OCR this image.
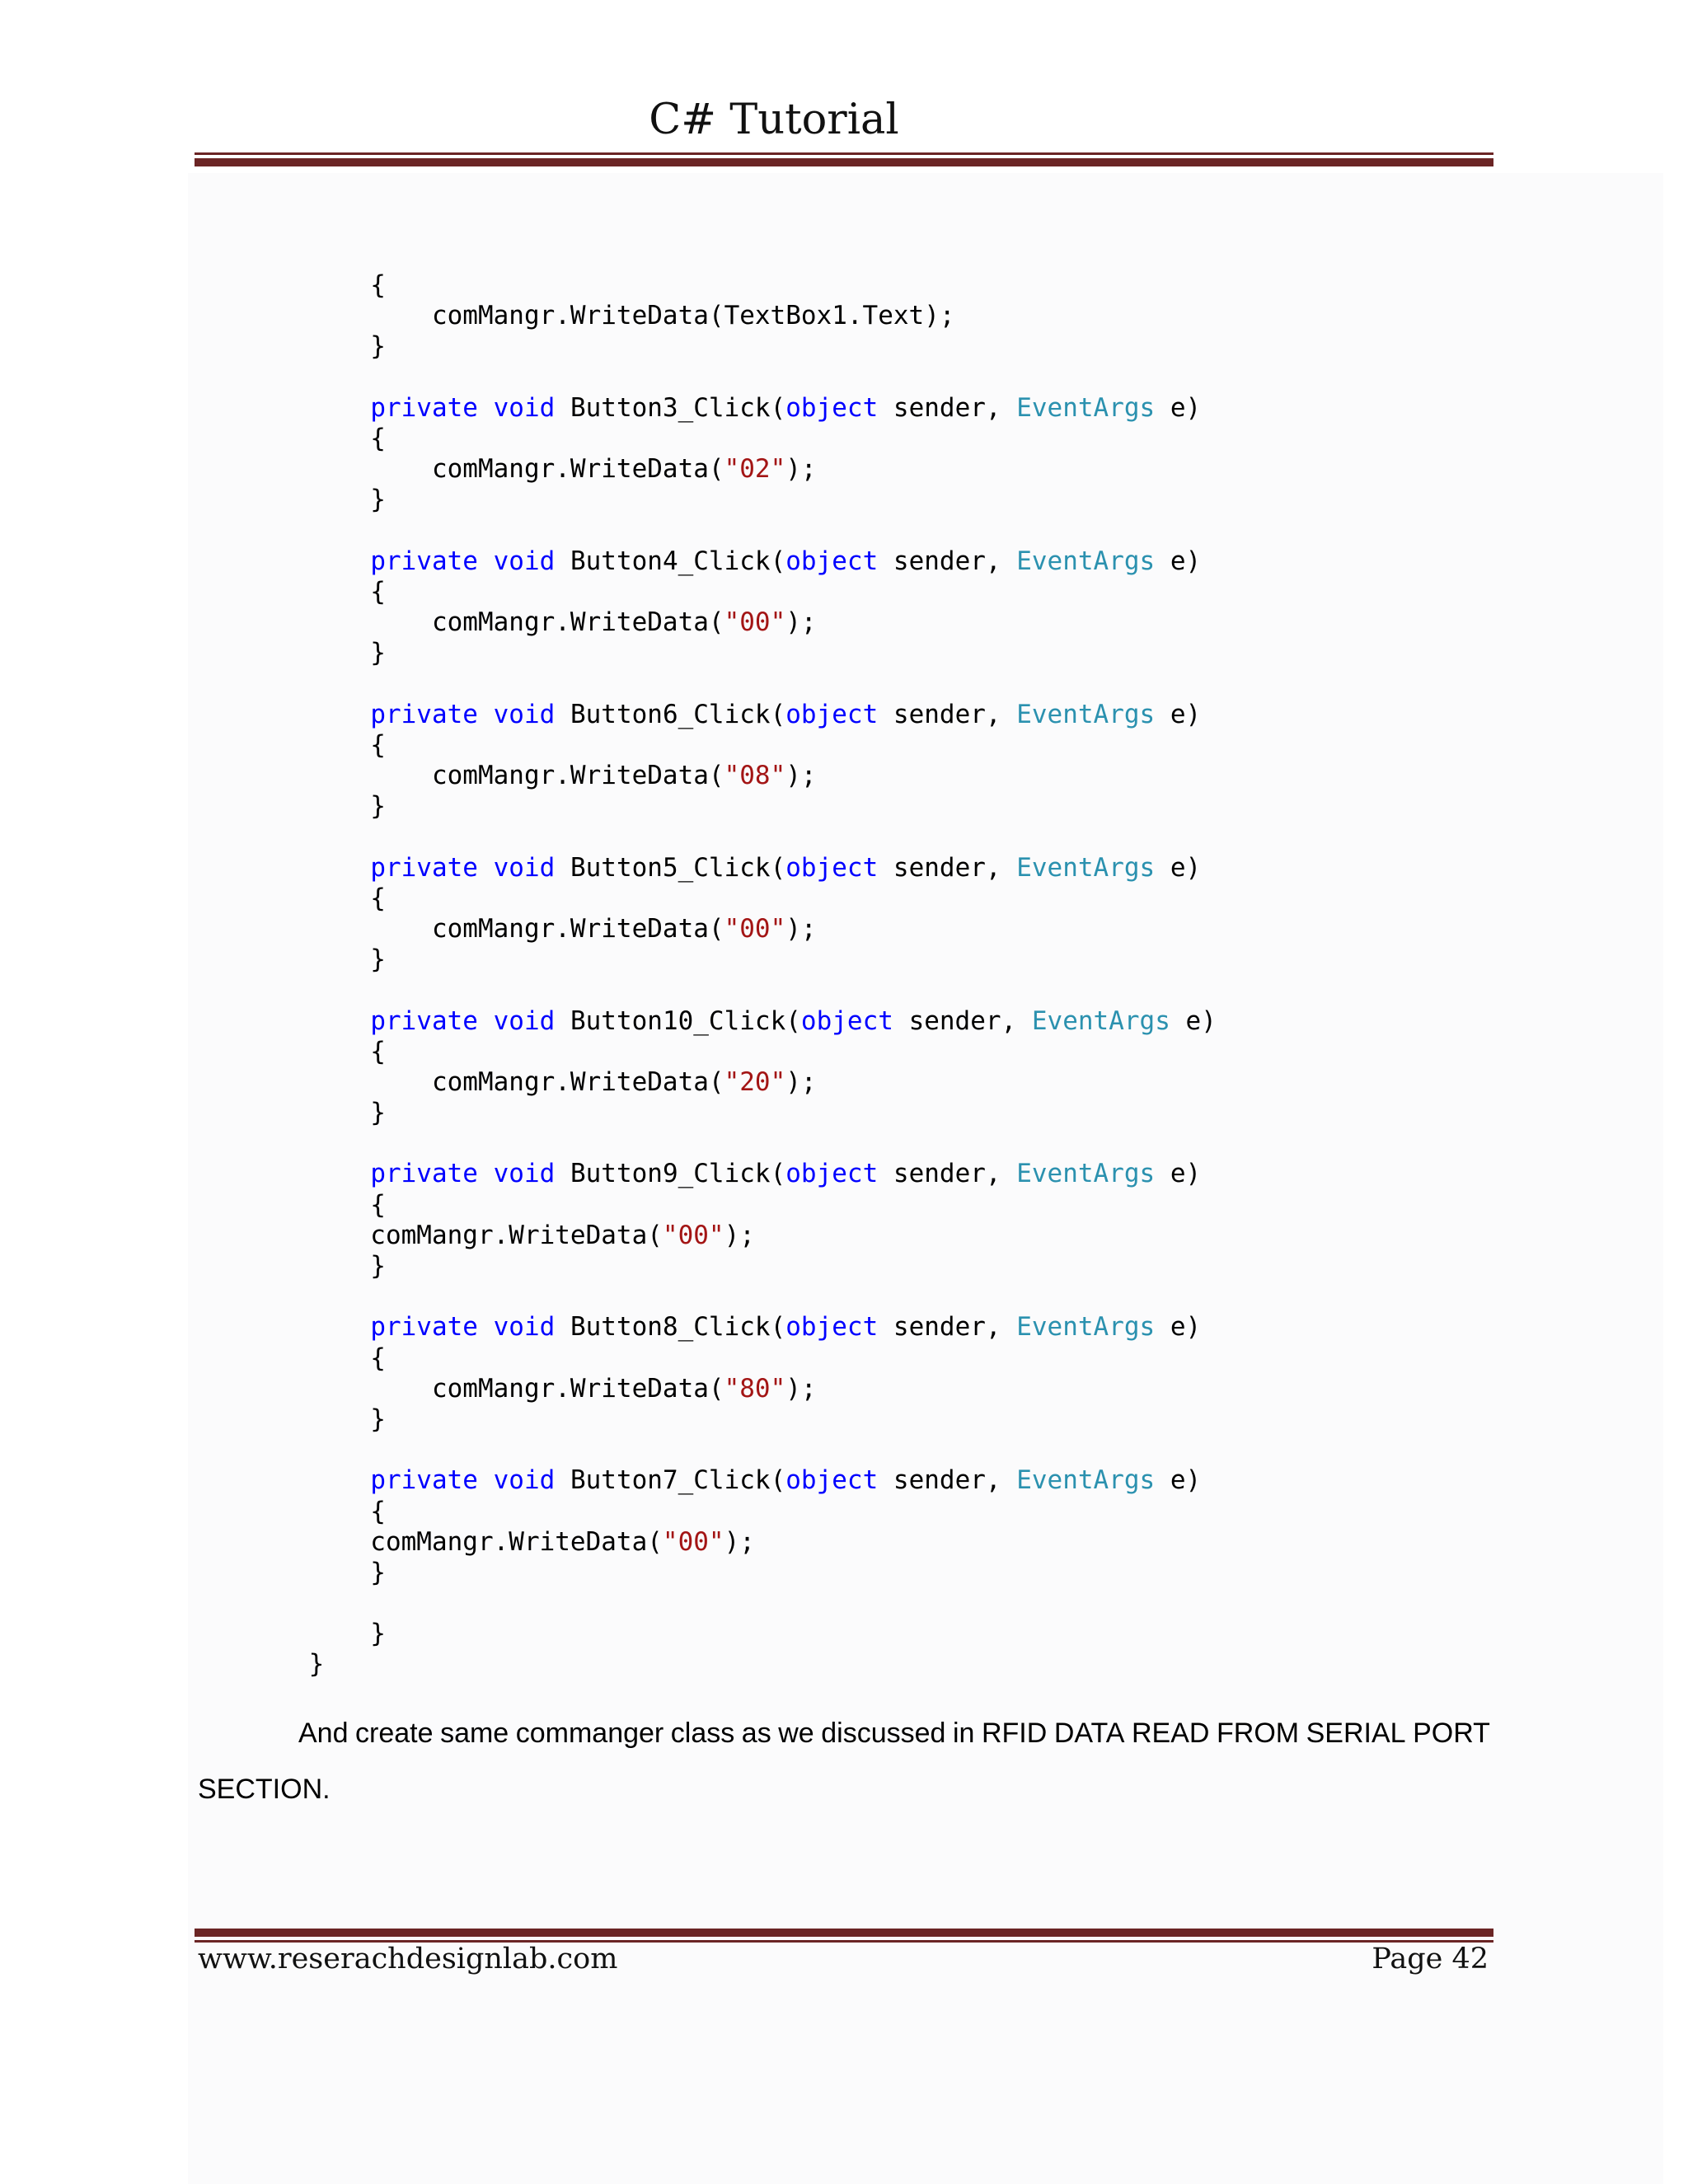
C# Tutorial
{
comMangr.WriteData(TextBox1.Text);
}
private void Button3_Click(object sender, EventArgs e)
{
comMangr.WriteData("02");
}
private void Button4_Click(object sender, EventArgs e)
{
comMangr.WriteData("00");
}
private void Button6_Click(object sender, EventArgs e)
{
comMangr.WriteData("08");
}
private void Button5_Click(object sender, EventArgs e)
{
comMangr.WriteData("00");
}
private void Button10_Click(object sender, EventArgs e)
{
comMangr.WriteData("20");
}
private void Button9_Click(object sender, EventArgs e)
{
comMangr.WriteData("00");
}
private void Button8_Click(object sender, EventArgs e)
{
comMangr.WriteData("80");
}
private void Button7_Click(object sender, EventArgs e)
{
comMangr.WriteData("00");
}
}
}
And create same commanger class as we discussed in RFID DATA READ FROM SERIAL PORT
SECTION.
www.reserachdesignlab.com	Page 42
